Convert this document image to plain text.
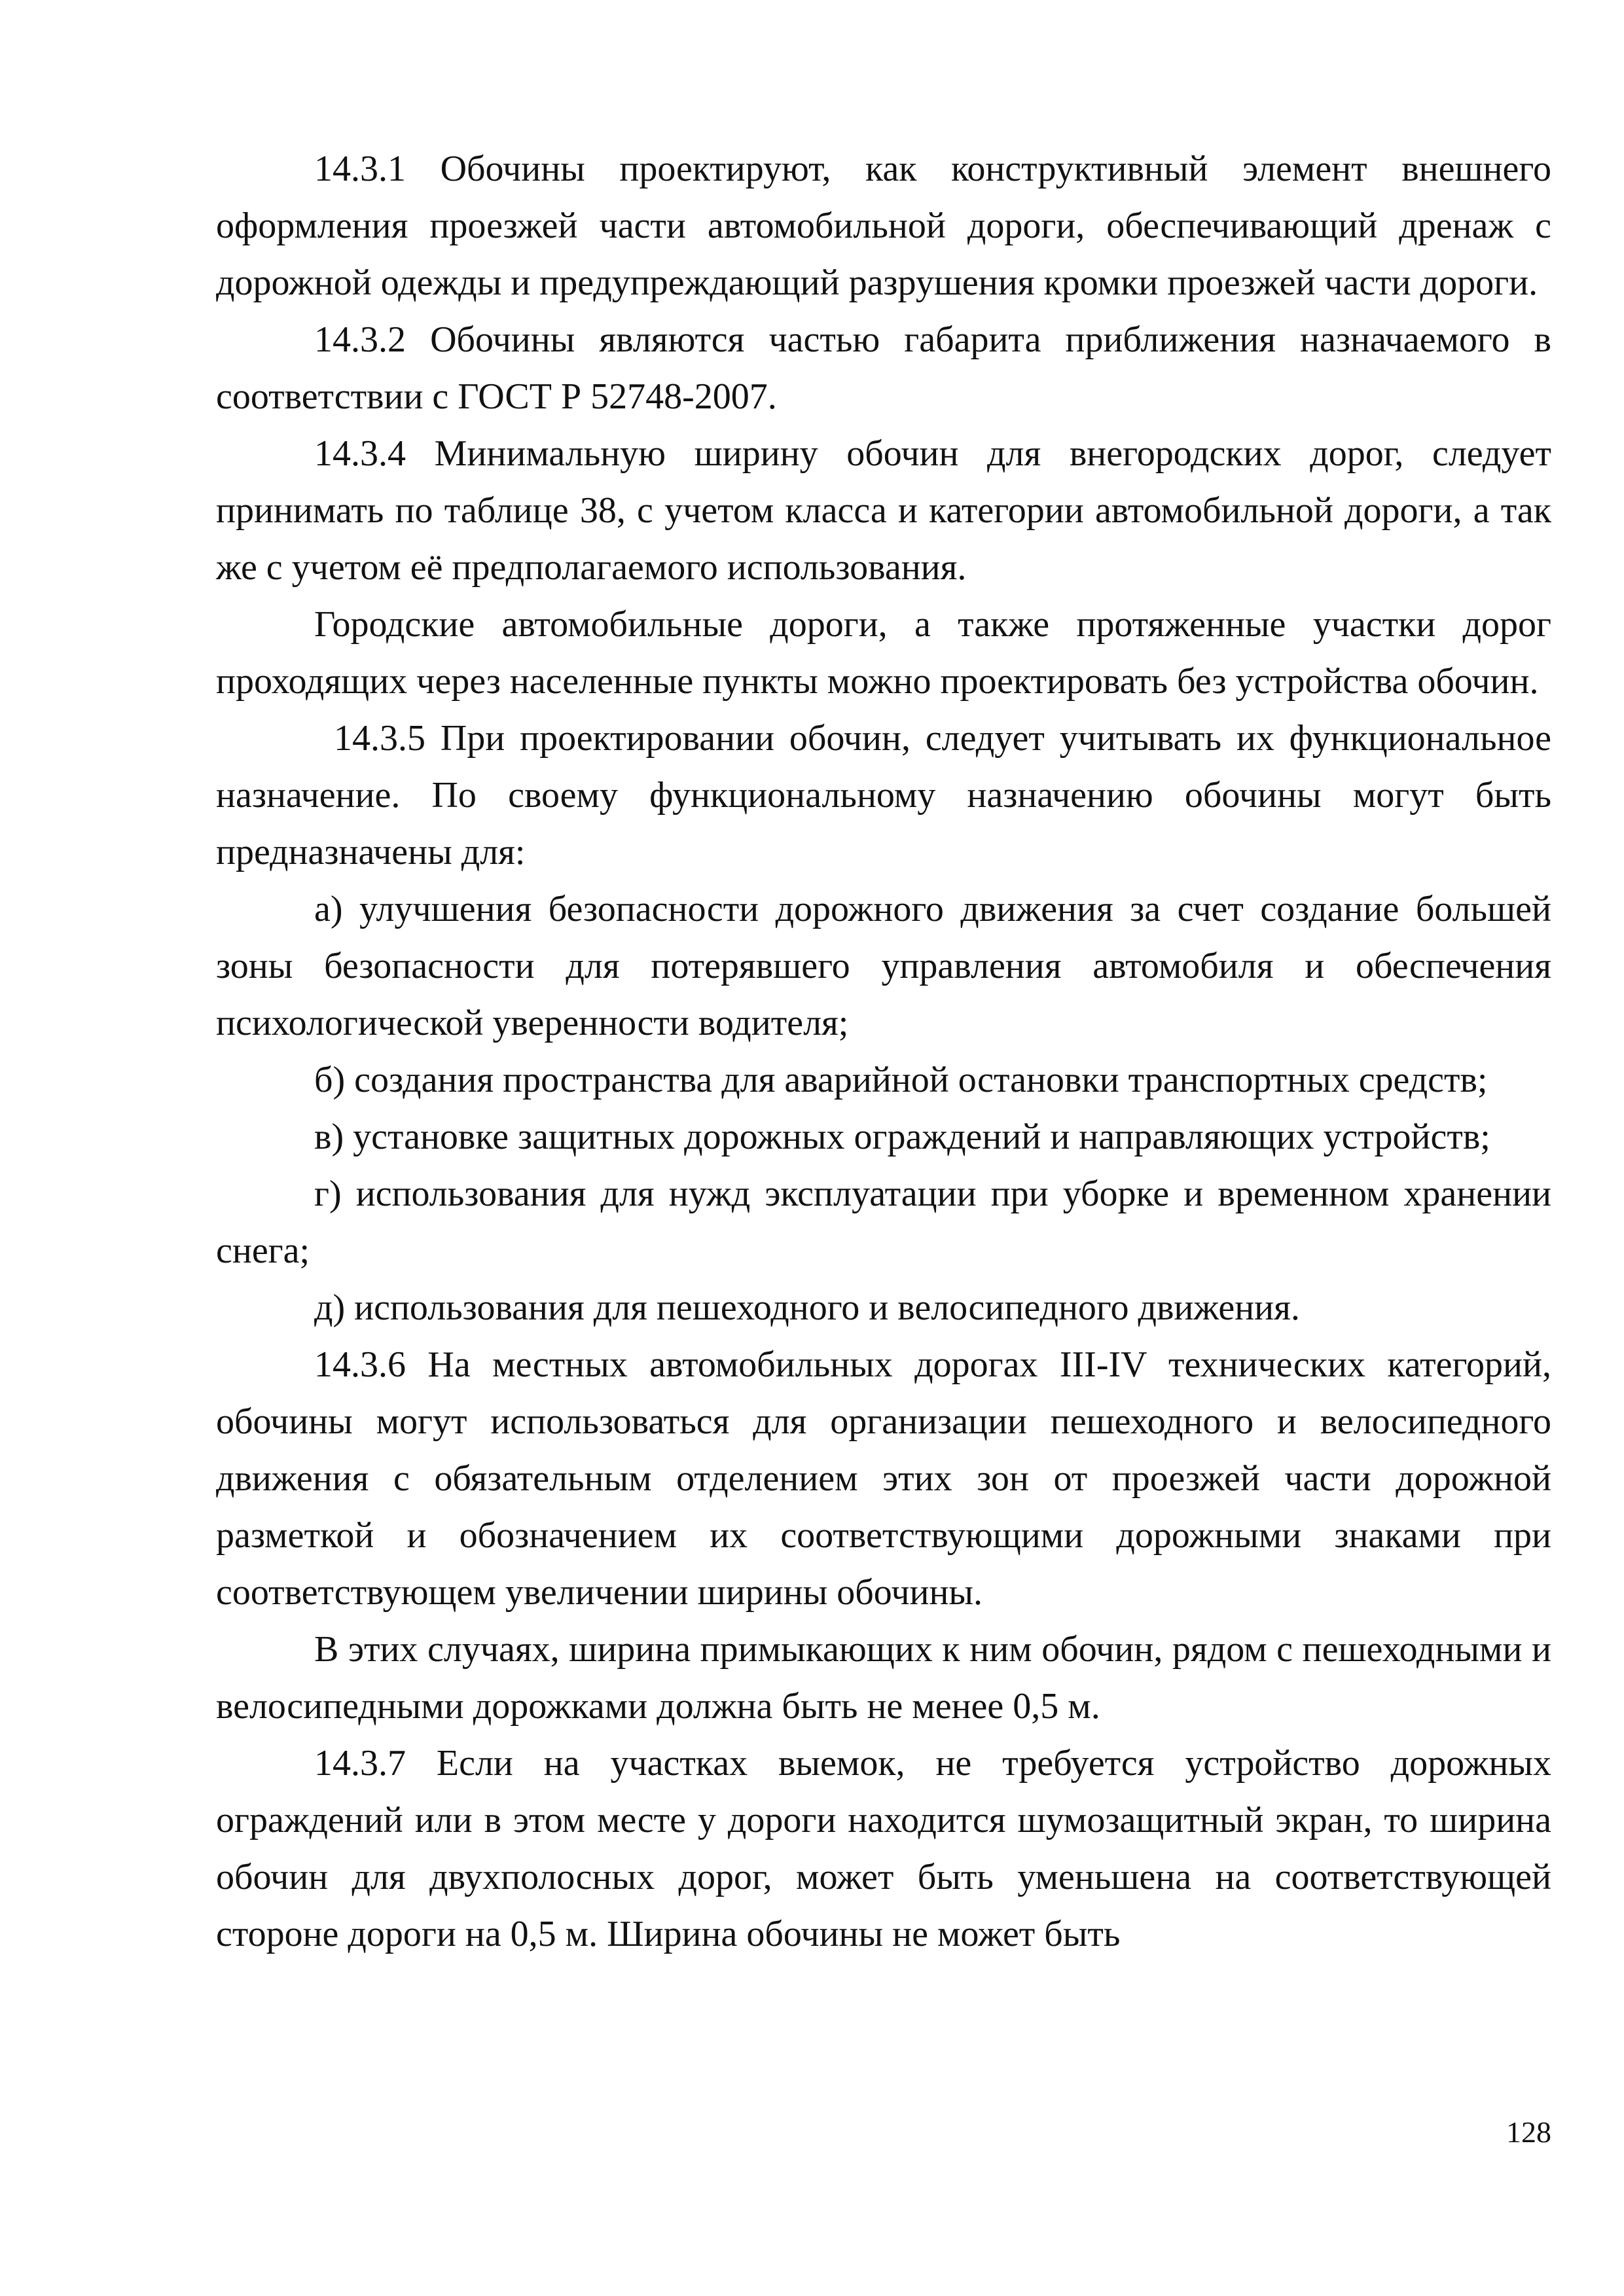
14.3.1 Обочины проектируют, как конструктивный элемент внешнего оформления проезжей части автомобильной дороги, обеспечивающий дренаж с дорожной одежды и предупреждающий разрушения кромки проезжей части дороги.

14.3.2 Обочины являются частью габарита приближения назначаемого в соответствии с ГОСТ Р 52748-2007.

14.3.4 Минимальную ширину обочин для внегородских дорог, следует принимать по таблице 38, с учетом класса и категории автомобильной дороги, а так же с учетом её предполагаемого использования.

Городские автомобильные дороги, а также протяженные участки дорог проходящих через населенные пункты можно проектировать без устройства обочин.

14.3.5 При проектировании обочин, следует учитывать их функциональное назначение. По своему функциональному назначению обочины могут быть предназначены для:

а) улучшения безопасности дорожного движения за счет создание большей зоны безопасности для потерявшего управления автомобиля и обеспечения психологической уверенности водителя;

б) создания пространства для аварийной остановки транспортных средств;

в) установке защитных дорожных ограждений и направляющих устройств;

г) использования для нужд эксплуатации при уборке и временном хранении снега;

д) использования для пешеходного и велосипедного движения.

14.3.6 На местных автомобильных дорогах III-IV технических категорий, обочины могут использоваться для организации пешеходного и велосипедного движения с обязательным отделением этих зон от проезжей части дорожной разметкой и обозначением их соответствующими дорожными знаками при соответствующем увеличении ширины обочины.

В этих случаях, ширина примыкающих к ним обочин, рядом с пешеходными и велосипедными дорожками должна быть не менее 0,5 м.

14.3.7 Если на участках выемок, не требуется устройство дорожных ограждений или в этом месте у дороги находится шумозащитный экран, то ширина обочин для двухполосных дорог, может быть уменьшена на соответствующей стороне дороги на 0,5 м. Ширина обочины не может быть

128
